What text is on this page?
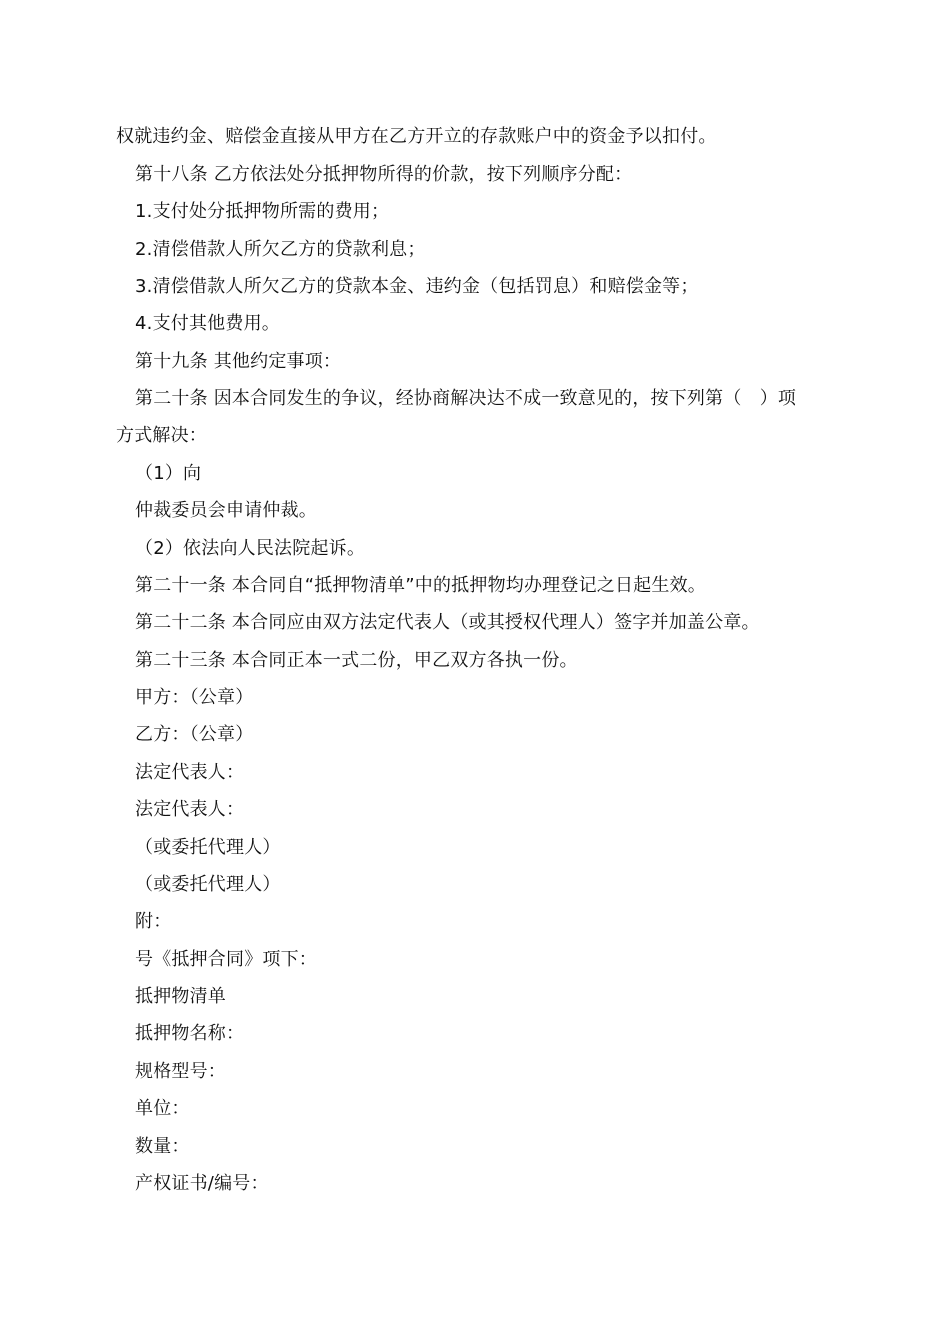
权就违约金、赔偿金直接从甲方在乙方开立的存款账户中的资金予以扣付。
第十八条 乙方依法处分抵押物所得的价款，按下列顺序分配：
1.支付处分抵押物所需的费用；
2.清偿借款人所欠乙方的贷款利息；
3.清偿借款人所欠乙方的贷款本金、违约金（包括罚息）和赔偿金等；
4.支付其他费用。
第十九条 其他约定事项：
第二十条 因本合同发生的争议，经协商解决达不成一致意见的，按下列第（　）项
方式解决：
（1）向
仲裁委员会申请仲裁。
（2）依法向人民法院起诉。
第二十一条 本合同自“抵押物清单”中的抵押物均办理登记之日起生效。
第二十二条 本合同应由双方法定代表人（或其授权代理人）签字并加盖公章。
第二十三条 本合同正本一式二份，甲乙双方各执一份。
甲方：（公章）
乙方：（公章）
法定代表人：
法定代表人：
（或委托代理人）
（或委托代理人）
附：
号《抵押合同》项下：
抵押物清单
抵押物名称：
规格型号：
单位：
数量：
产权证书/编号：
